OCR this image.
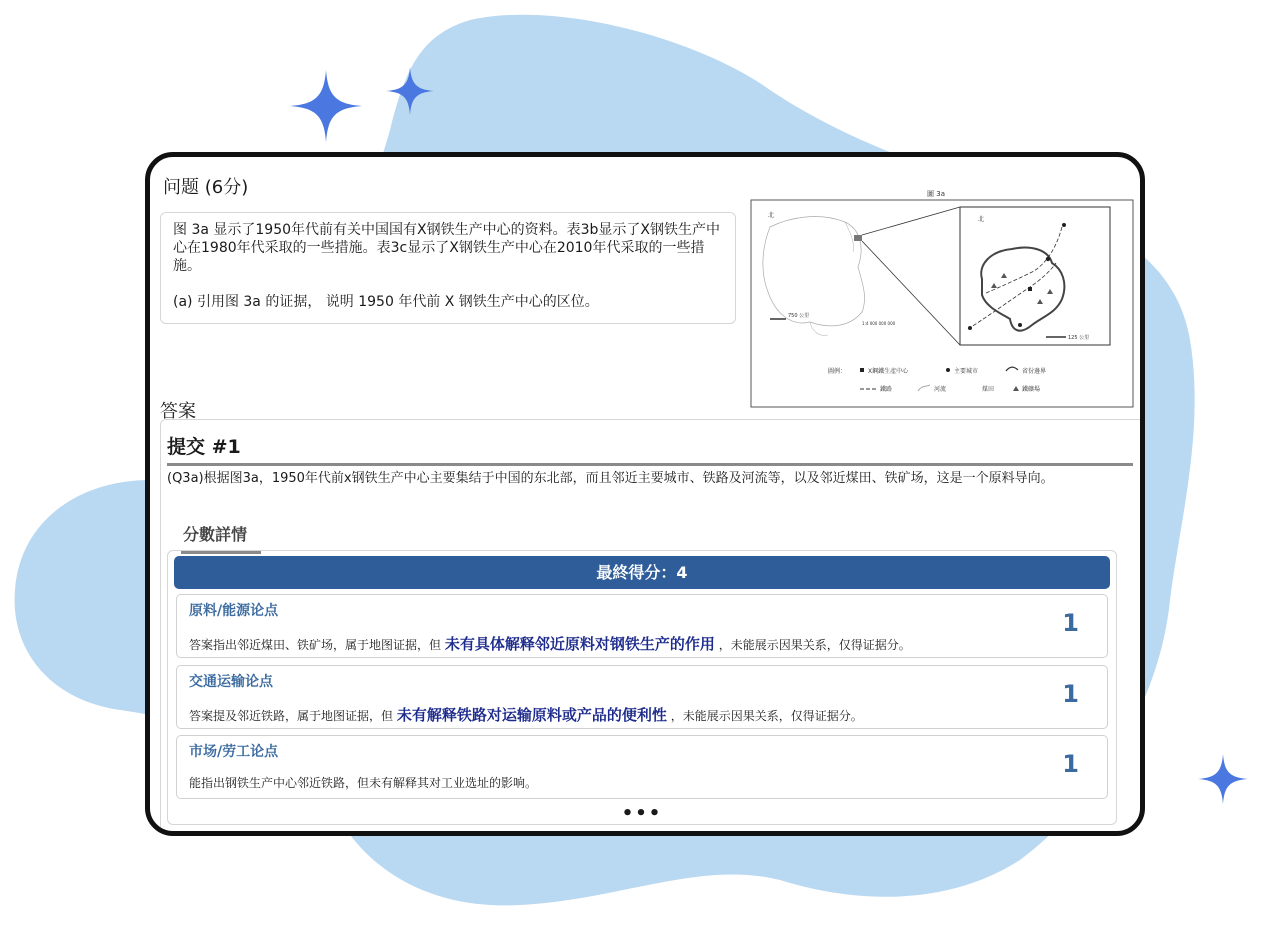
问题 (6分)

图 3a 显示了1950年代前有关中国国有X钢铁生产中心的资料。表3b显示了X钢铁生产中心在1980年代采取的一些措施。表3c显示了X钢铁生产中心在2010年代采取的一些措施。

(a) 引用图 3a 的证据， 说明 1950 年代前 X 钢铁生产中心的区位。

圖 3a
北
北
125 公里
750 公里
1:4 000 000 000
圖例：	X鋼鐵生產中心	主要城市	省份邊界
鐵路	河流	煤田	鐵礦場
答案
提交 #1
(Q3a)根据图3a，1950年代前x钢铁生产中心主要集结于中国的东北部，而且邻近主要城市、铁路及河流等，以及邻近煤田、铁矿场，这是一个原料导向。
分數詳情
最終得分：4
原料/能源论点	1
答案指出邻近煤田、铁矿场，属于地图证据，但 未有具体解释邻近原料对钢铁生产的作用 ，未能展示因果关系，仅得证据分。
交通运输论点	1
答案提及邻近铁路，属于地图证据，但 未有解释铁路对运输原料或产品的便利性 ，未能展示因果关系，仅得证据分。
市场/劳工论点	1
能指出钢铁生产中心邻近铁路，但未有解释其对工业选址的影响。
•••
